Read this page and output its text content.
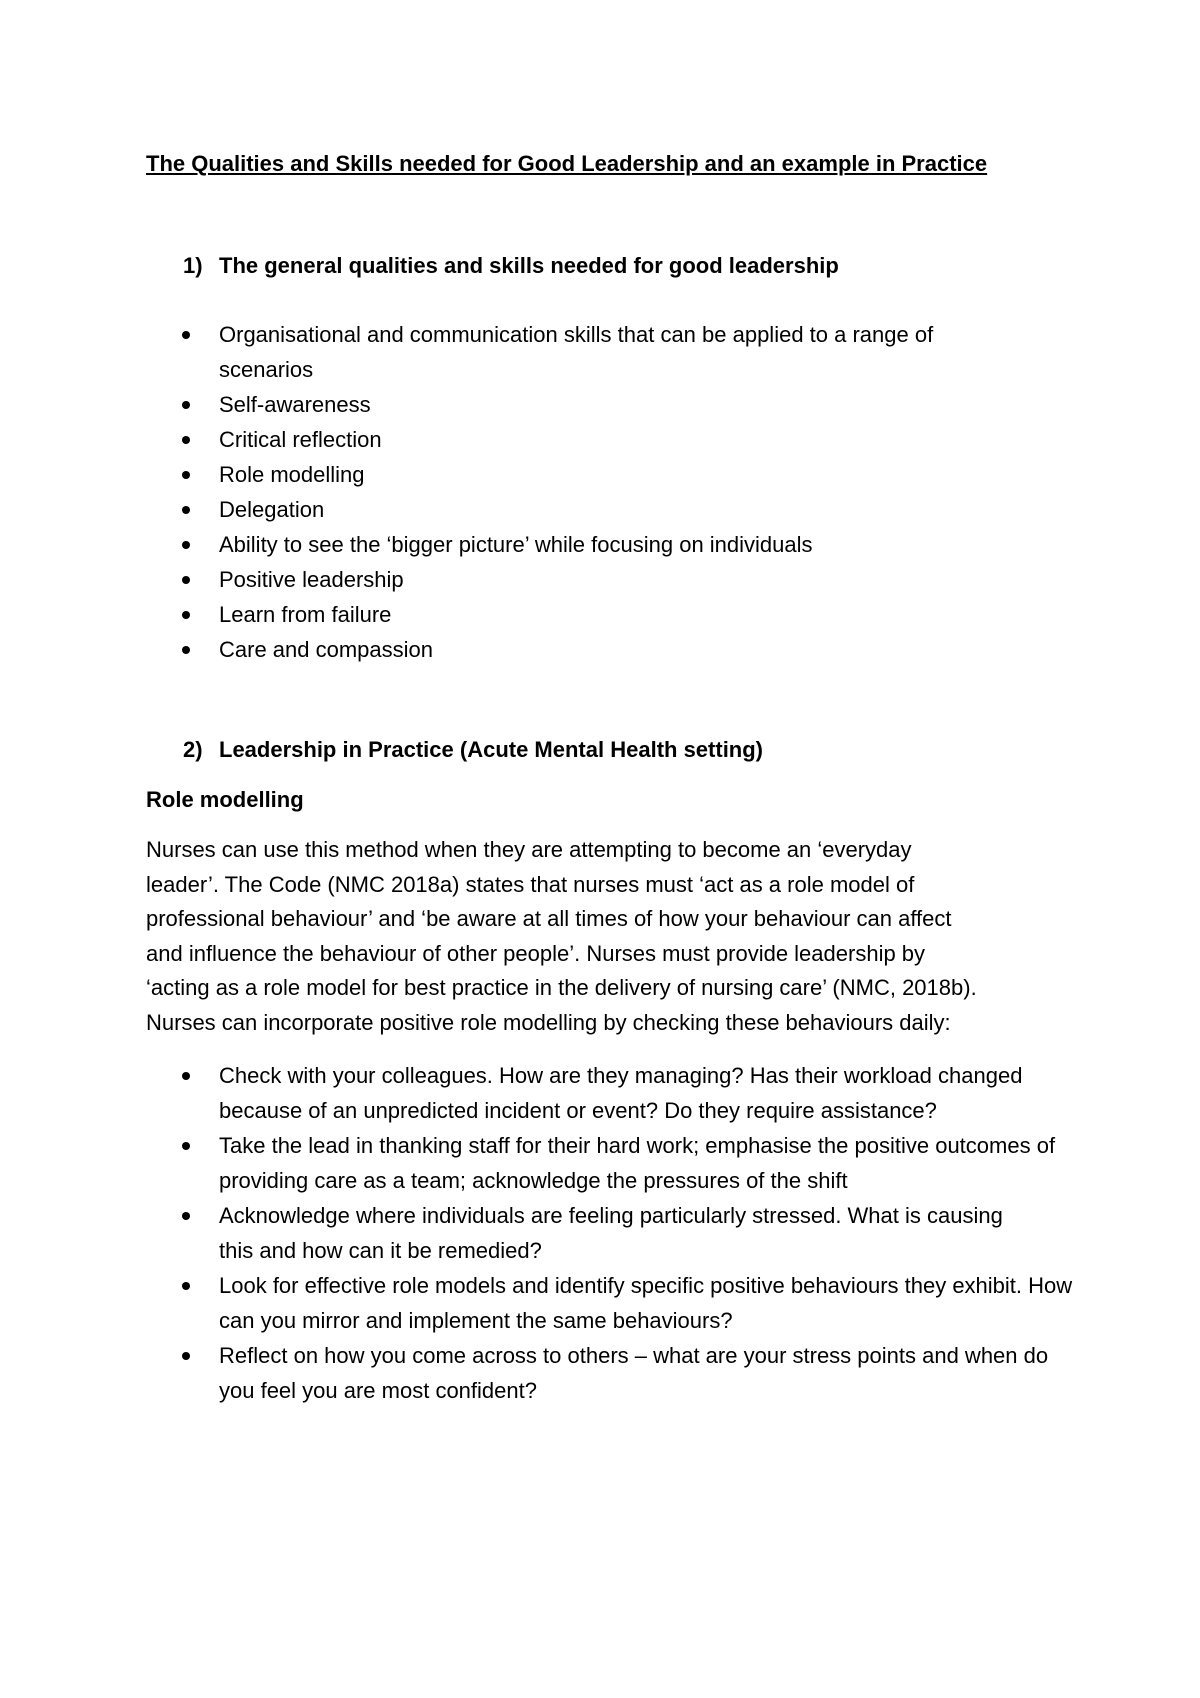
The Qualities and Skills needed for Good Leadership and an example in Practice
1) The general qualities and skills needed for good leadership
Organisational and communication skills that can be applied to a range of scenarios
Self-awareness
Critical reflection
Role modelling
Delegation
Ability to see the ‘bigger picture’ while focusing on individuals
Positive leadership
Learn from failure
Care and compassion
2) Leadership in Practice (Acute Mental Health setting)
Role modelling

Nurses can use this method when they are attempting to become an ‘everyday
leader’. The Code (NMC 2018a) states that nurses must ‘act as a role model of
professional behaviour’ and ‘be aware at all times of how your behaviour can affect
and influence the behaviour of other people’. Nurses must provide leadership by
‘acting as a role model for best practice in the delivery of nursing care’ (NMC, 2018b).
Nurses can incorporate positive role modelling by checking these behaviours daily:

Check with your colleagues. How are they managing? Has their workload changed because of an unpredicted incident or event? Do they require assistance?
Take the lead in thanking staff for their hard work; emphasise the positive outcomes of providing care as a team; acknowledge the pressures of the shift
Acknowledge where individuals are feeling particularly stressed. What is causing this and how can it be remedied?
Look for effective role models and identify specific positive behaviours they exhibit. How can you mirror and implement the same behaviours?
Reflect on how you come across to others – what are your stress points and when do you feel you are most confident?
